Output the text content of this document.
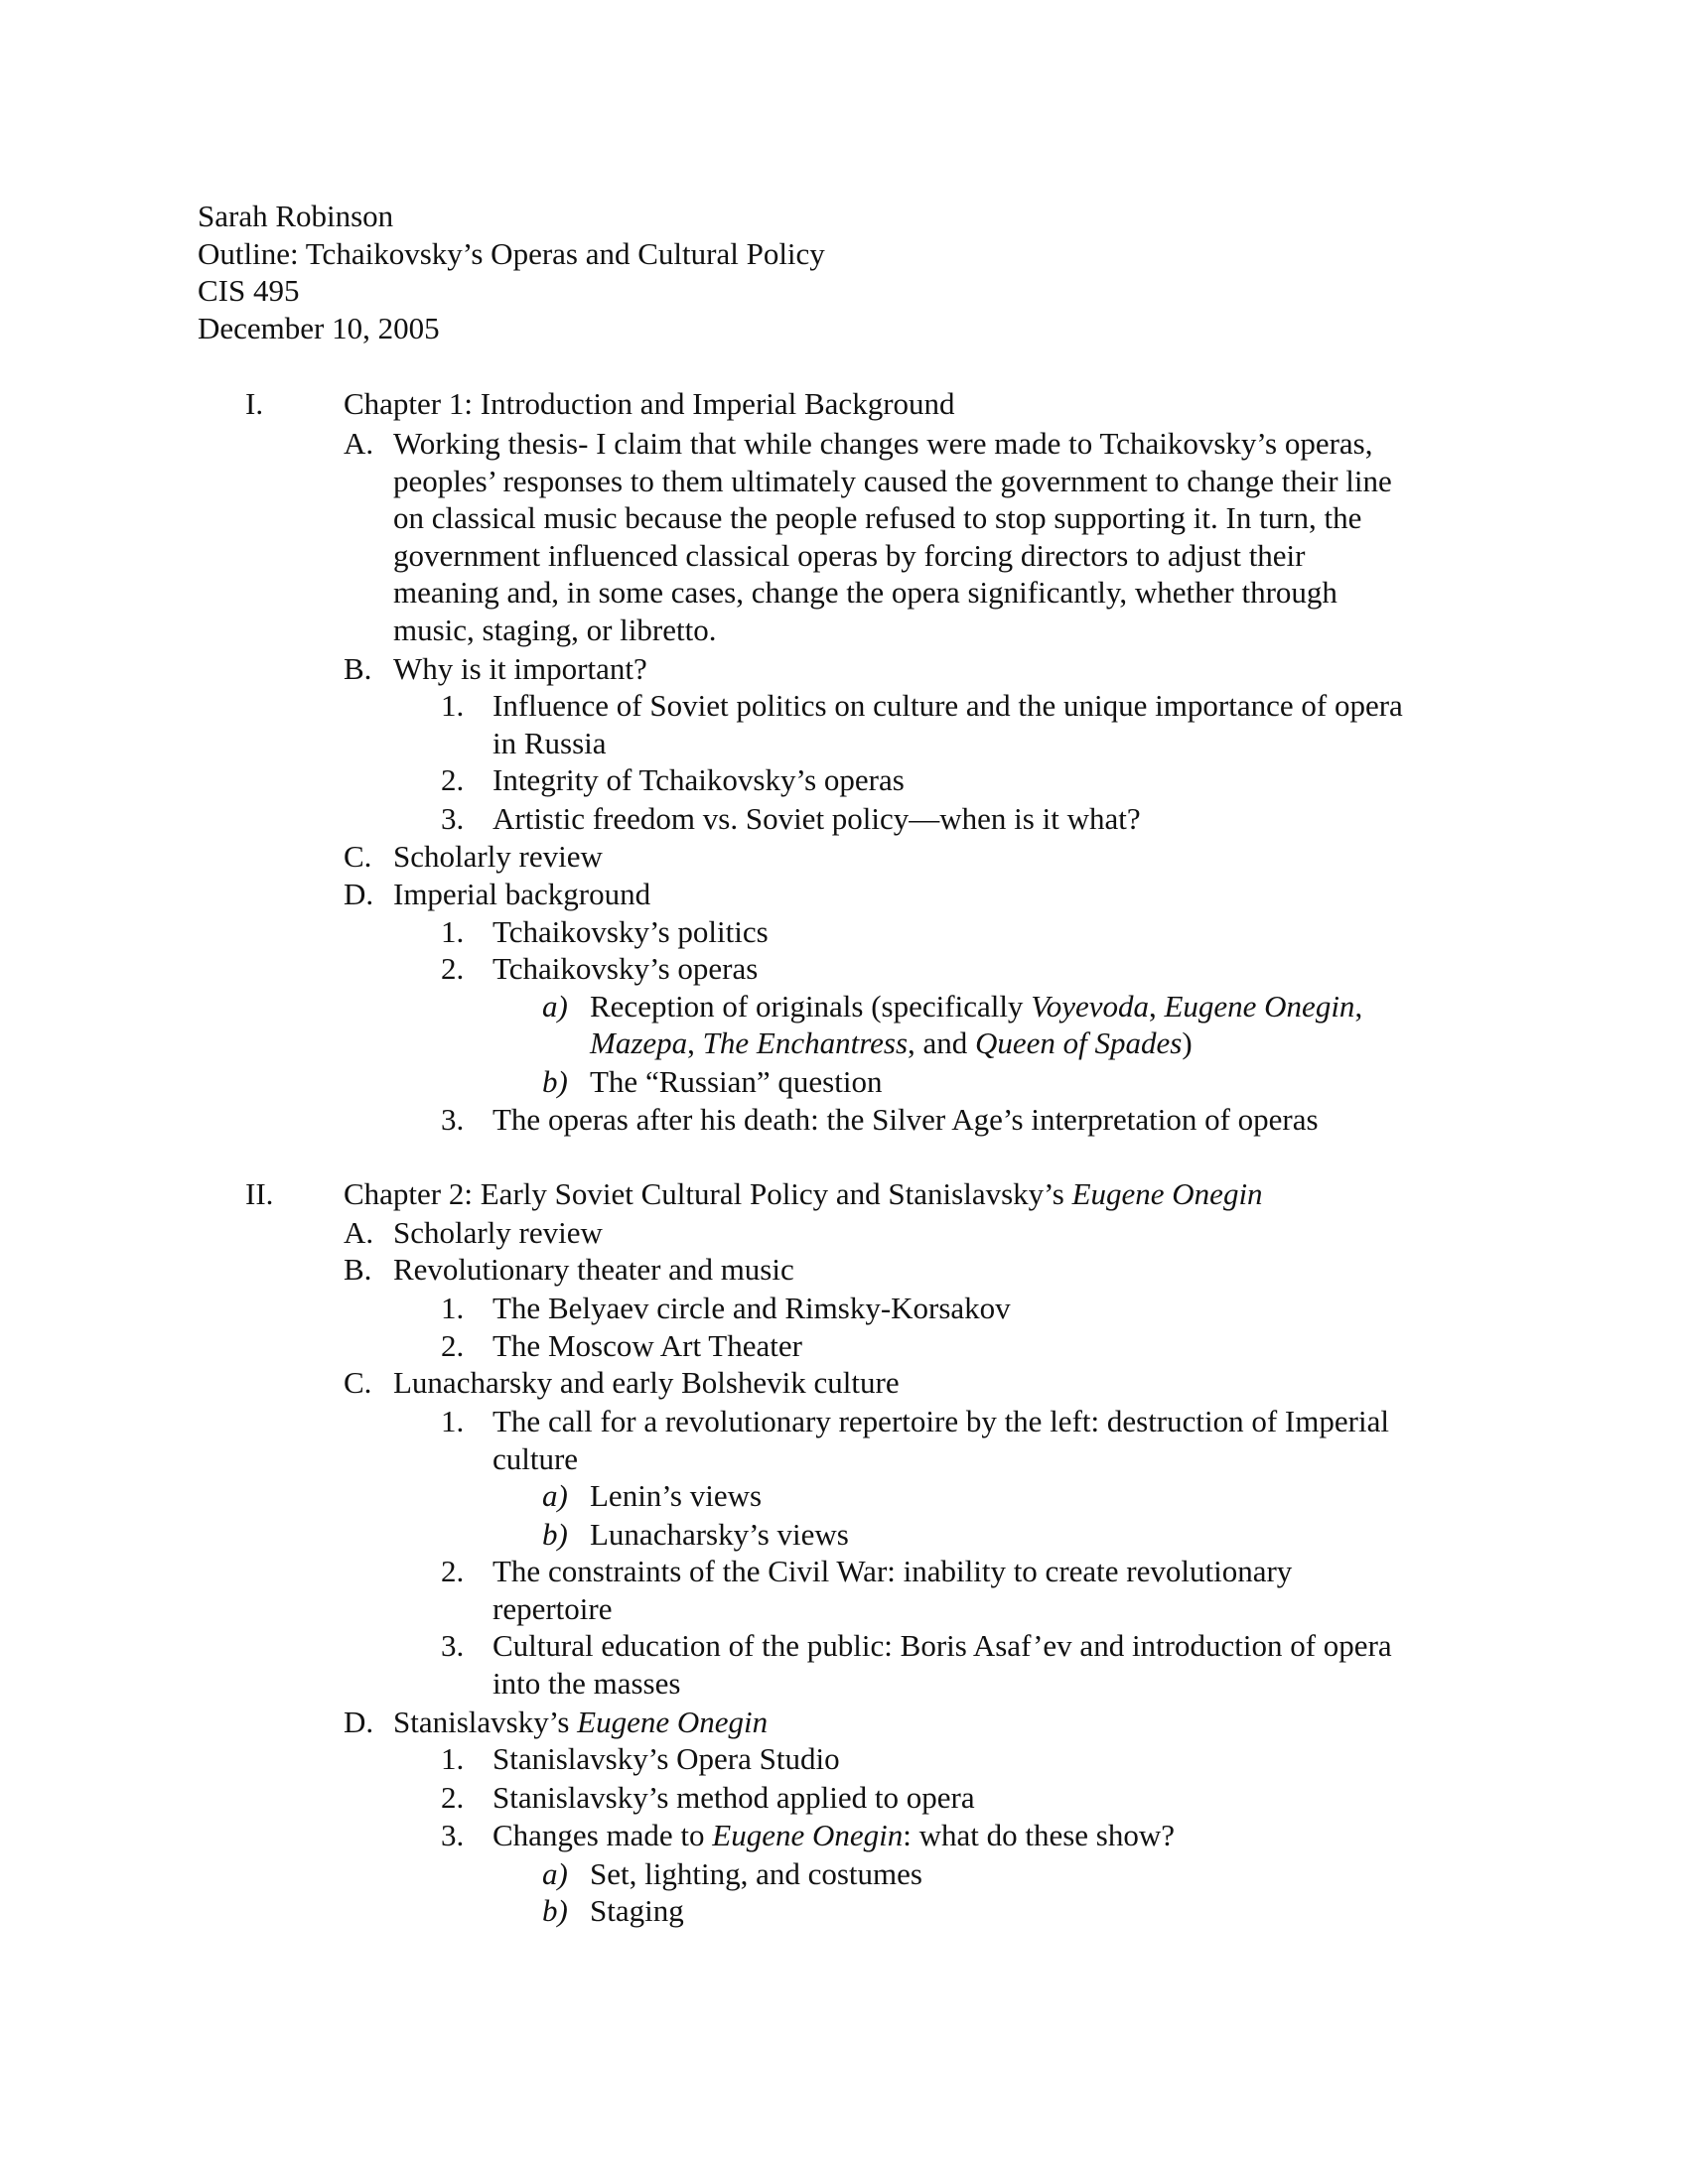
Sarah Robinson
Outline: Tchaikovsky’s Operas and Cultural Policy
CIS 495
December 10, 2005
I.	Chapter 1: Introduction and Imperial Background
A. Working thesis- I claim that while changes were made to Tchaikovsky’s operas,
peoples’ responses to them ultimately caused the government to change their line
on classical music because the people refused to stop supporting it. In turn, the
government influenced classical operas by forcing directors to adjust their
meaning and, in some cases, change the opera significantly, whether through
music, staging, or libretto.
B. Why is it important?
1. Influence of Soviet politics on culture and the unique importance of opera
in Russia
2. Integrity of Tchaikovsky’s operas
3. Artistic freedom vs. Soviet policy—when is it what?
C. Scholarly review
D. Imperial background
1. Tchaikovsky’s politics
2. Tchaikovsky’s operas
a) Reception of originals (specifically Voyevoda, Eugene Onegin,
Mazepa, The Enchantress, and Queen of Spades)
b) The “Russian” question
3. The operas after his death: the Silver Age’s interpretation of operas
II. Chapter 2: Early Soviet Cultural Policy and Stanislavsky’s Eugene Onegin
A. Scholarly review
B. Revolutionary theater and music
1. The Belyaev circle and Rimsky-Korsakov
2. The Moscow Art Theater
C. Lunacharsky and early Bolshevik culture
1. The call for a revolutionary repertoire by the left: destruction of Imperial
culture
a) Lenin’s views
b) Lunacharsky’s views
2. The constraints of the Civil War: inability to create revolutionary
repertoire
3. Cultural education of the public: Boris Asaf’ev and introduction of opera
into the masses
D. Stanislavsky’s Eugene Onegin
1. Stanislavsky’s Opera Studio
2. Stanislavsky’s method applied to opera
3. Changes made to Eugene Onegin: what do these show?
a) Set, lighting, and costumes
b) Staging
